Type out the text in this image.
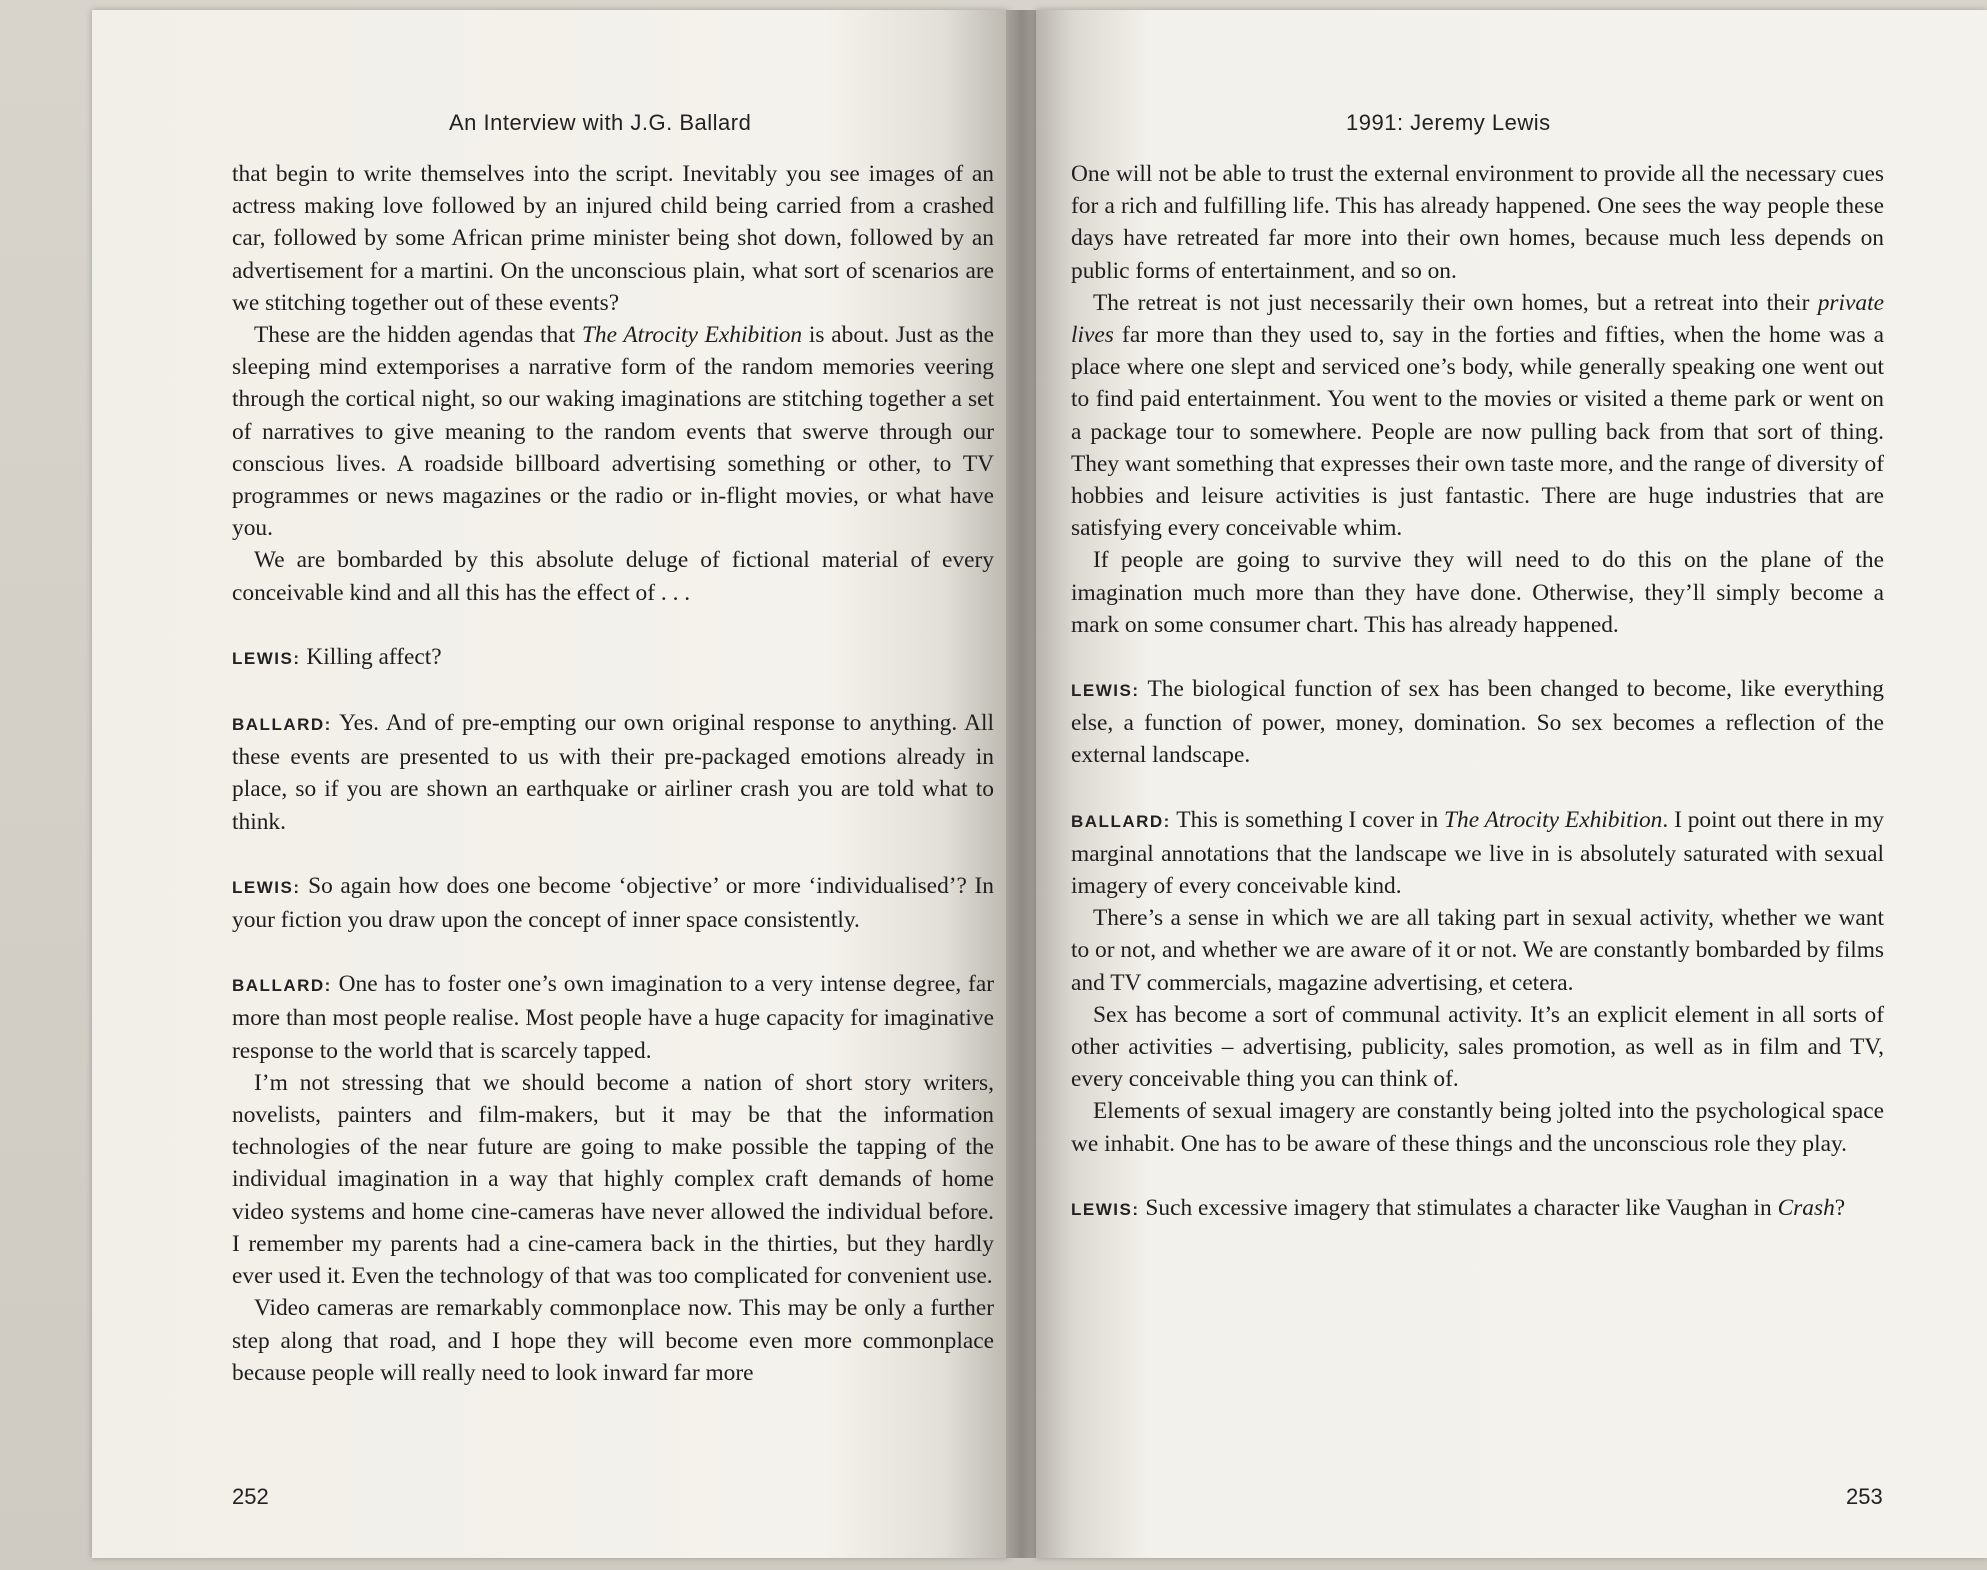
An Interview with J.G. Ballard

that begin to write themselves into the script. Inevitably you see images of an actress making love followed by an injured child being carried from a crashed car, followed by some African prime minister being shot down, followed by an advertisement for a martini. On the unconscious plain, what sort of scenarios are we stitching together out of these events?

These are the hidden agendas that The Atrocity Exhibition is about. Just as the sleeping mind extemporises a narrative form of the random memories veering through the cortical night, so our waking imaginations are stitching together a set of narratives to give meaning to the random events that swerve through our conscious lives. A roadside billboard advertising something or other, to TV programmes or news magazines or the radio or in-flight movies, or what have you.

We are bombarded by this absolute deluge of fictional material of every conceivable kind and all this has the effect of . . .

LEWIS: Killing affect?

BALLARD: Yes. And of pre-empting our own original response to anything. All these events are presented to us with their pre-packaged emotions already in place, so if you are shown an earthquake or airliner crash you are told what to think.

LEWIS: So again how does one become ‘objective’ or more ‘individualised’? In your fiction you draw upon the concept of inner space consistently.

BALLARD: One has to foster one’s own imagination to a very intense degree, far more than most people realise. Most people have a huge capacity for imaginative response to the world that is scarcely tapped.

I’m not stressing that we should become a nation of short story writers, novelists, painters and film-makers, but it may be that the information technologies of the near future are going to make possible the tapping of the individual imagination in a way that highly complex craft demands of home video systems and home cine-cameras have never allowed the individual before. I remember my parents had a cine-camera back in the thirties, but they hardly ever used it. Even the technology of that was too complicated for convenient use.

Video cameras are remarkably commonplace now. This may be only a further step along that road, and I hope they will become even more commonplace because people will really need to look inward far more

252
1991: Jeremy Lewis

One will not be able to trust the external environment to provide all the necessary cues for a rich and fulfilling life. This has already happened. One sees the way people these days have retreated far more into their own homes, because much less depends on public forms of entertainment, and so on.

The retreat is not just necessarily their own homes, but a retreat into their private lives far more than they used to, say in the forties and fifties, when the home was a place where one slept and serviced one’s body, while generally speaking one went out to find paid entertainment. You went to the movies or visited a theme park or went on a package tour to somewhere. People are now pulling back from that sort of thing. They want something that expresses their own taste more, and the range of diversity of hobbies and leisure activities is just fantastic. There are huge industries that are satisfying every conceivable whim.

If people are going to survive they will need to do this on the plane of the imagination much more than they have done. Otherwise, they’ll simply become a mark on some consumer chart. This has already happened.

LEWIS: The biological function of sex has been changed to become, like everything else, a function of power, money, domination. So sex becomes a reflection of the external landscape.

BALLARD: This is something I cover in The Atrocity Exhibition. I point out there in my marginal annotations that the landscape we live in is absolutely saturated with sexual imagery of every conceivable kind.

There’s a sense in which we are all taking part in sexual activity, whether we want to or not, and whether we are aware of it or not. We are constantly bombarded by films and TV commercials, magazine advertising, et cetera.

Sex has become a sort of communal activity. It’s an explicit element in all sorts of other activities – advertising, publicity, sales promotion, as well as in film and TV, every conceivable thing you can think of.

Elements of sexual imagery are constantly being jolted into the psychological space we inhabit. One has to be aware of these things and the unconscious role they play.

LEWIS: Such excessive imagery that stimulates a character like Vaughan in Crash?

253
